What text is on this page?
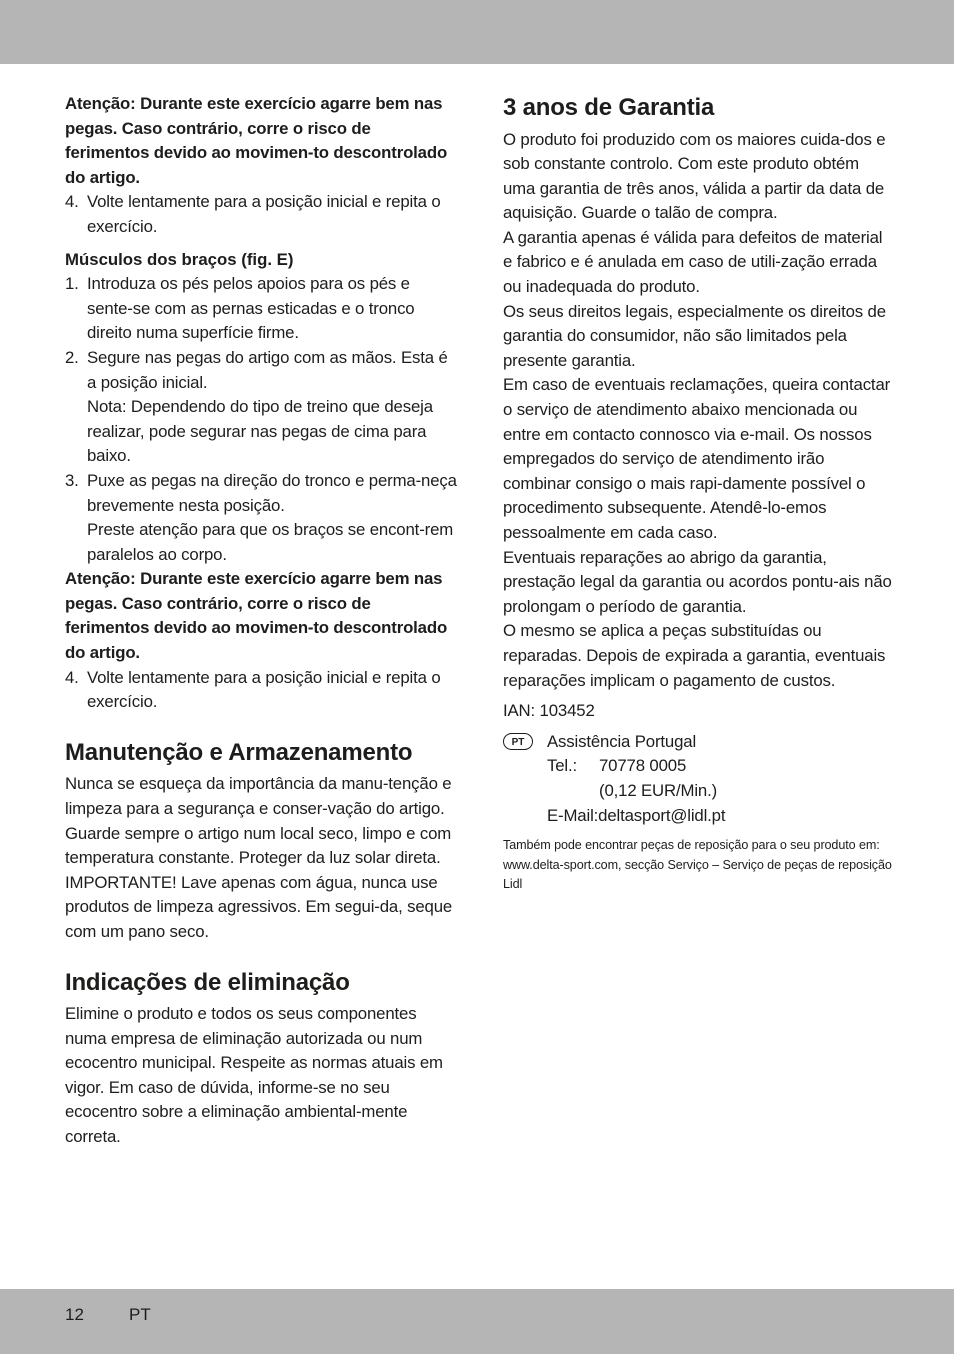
Atenção: Durante este exercício agarre bem nas pegas. Caso contrário, corre o risco de ferimentos devido ao movimen-to descontrolado do artigo.

4. Volte lentamente para a posição inicial e repita o exercício.

Músculos dos braços (fig. E)

1. Introduza os pés pelos apoios para os pés e sente-se com as pernas esticadas e o tronco direito numa superfície firme.
2. Segure nas pegas do artigo com as mãos. Esta é a posição inicial.
Nota: Dependendo do tipo de treino que deseja realizar, pode segurar nas pegas de cima para baixo.
3. Puxe as pegas na direção do tronco e perma-neça brevemente nesta posição.
Preste atenção para que os braços se encont-rem paralelos ao corpo.

Atenção: Durante este exercício agarre bem nas pegas. Caso contrário, corre o risco de ferimentos devido ao movimen-to descontrolado do artigo.

4. Volte lentamente para a posição inicial e repita o exercício.
Manutenção e Armazenamento

Nunca se esqueça da importância da manu-tenção e limpeza para a segurança e conser-vação do artigo.

Guarde sempre o artigo num local seco, limpo e com temperatura constante. Proteger da luz solar direta.

IMPORTANTE! Lave apenas com água, nunca use produtos de limpeza agressivos. Em segui-da, seque com um pano seco.

Indicações de eliminação

Elimine o produto e todos os seus componentes numa empresa de eliminação autorizada ou num ecocentro municipal. Respeite as normas atuais em vigor. Em caso de dúvida, informe-se no seu ecocentro sobre a eliminação ambiental-mente correta.

3 anos de Garantia

O produto foi produzido com os maiores cuida-dos e sob constante controlo. Com este produto obtém uma garantia de três anos, válida a partir da data de aquisição. Guarde o talão de compra.

A garantia apenas é válida para defeitos de material e fabrico e é anulada em caso de utili-zação errada ou inadequada do produto.

Os seus direitos legais, especialmente os direitos de garantia do consumidor, não são limitados pela presente garantia.

Em caso de eventuais reclamações, queira contactar o serviço de atendimento abaixo mencionada ou entre em contacto connosco via e-mail. Os nossos empregados do serviço de atendimento irão combinar consigo o mais rapi-damente possível o procedimento subsequente. Atendê-lo-emos pessoalmente em cada caso.

Eventuais reparações ao abrigo da garantia, prestação legal da garantia ou acordos pontu-ais não prolongam o período de garantia.

O mesmo se aplica a peças substituídas ou reparadas. Depois de expirada a garantia, eventuais reparações implicam o pagamento de custos.

IAN: 103452

PT	Assistência Portugal

Tel.:	70778 0005
(0,12 EUR/Min.)

E-Mail:deltasport@lidl.pt

Também pode encontrar peças de reposição para o seu produto em: www.delta-sport.com, secção Serviço – Serviço de peças de reposição Lidl

12	PT
